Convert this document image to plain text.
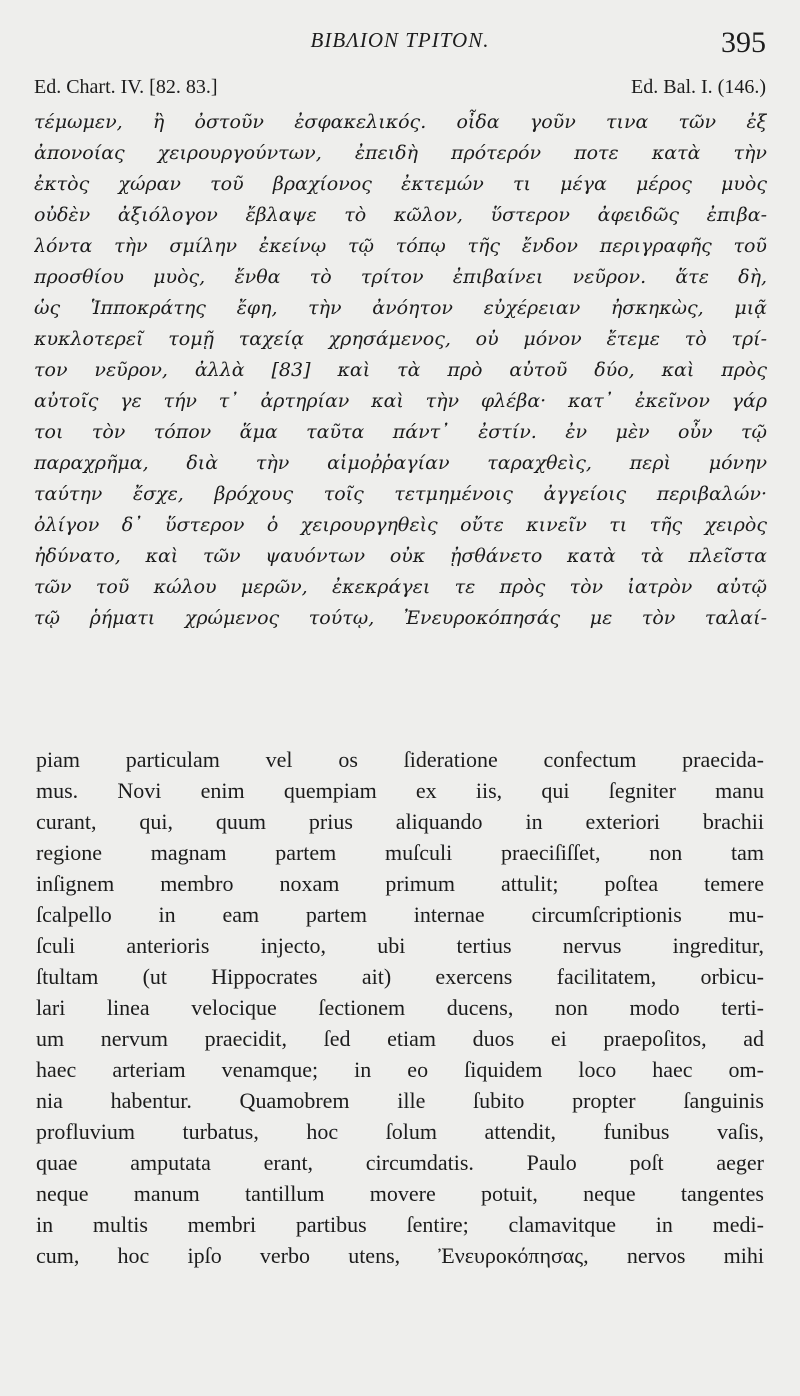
ΒΙΒΛΙΟΝ ΤΡΙΤΟΝ.	395
Ed. Chart. IV. [82. 83.]	Ed. Bal. I. (146.)
τέμωμεν, ἢ ὀστοῦν ἐσφακελικός. οἶδα γοῦν τινα τῶν ἐξ
ἀπονοίας χειρουργούντων, ἐπειδὴ πρότερόν ποτε κατὰ τὴν
ἐκτὸς χώραν τοῦ βραχίονος ἐκτεμών τι μέγα μέρος μυὸς
οὐδὲν ἀξιόλογον ἔβλαψε τὸ κῶλον, ὕστερον ἀφειδῶς ἐπιβα-
λόντα τὴν σμίλην ἐκείνῳ τῷ τόπῳ τῆς ἔνδον περιγραφῆς τοῦ
προσθίου μυὸς, ἔνθα τὸ τρίτον ἐπιβαίνει νεῦρον. ἅτε δὴ,
ὡς Ἱπποκράτης ἔφη, τὴν ἀνόητον εὐχέρειαν ἠσκηκὼς, μιᾷ
κυκλοτερεῖ τομῇ ταχείᾳ χρησάμενος, οὐ μόνον ἔτεμε τὸ τρί-
τον νεῦρον, ἀλλὰ [83] καὶ τὰ πρὸ αὐτοῦ δύο, καὶ πρὸς
αὐτοῖς γε τήν τ᾽ ἀρτηρίαν καὶ τὴν φλέβα· κατ᾽ ἐκεῖνον γάρ
τοι τὸν τόπον ἅμα ταῦτα πάντ᾽ ἐστίν. ἐν μὲν οὖν τῷ
παραχρῆμα, διὰ τὴν αἱμοῤῥαγίαν ταραχθεὶς, περὶ μόνην
ταύτην ἔσχε, βρόχους τοῖς τετμημένοις ἀγγείοις περιβαλών·
ὀλίγον δ᾽ ὕστερον ὁ χειρουργηθεὶς οὔτε κινεῖν τι τῆς χειρὸς
ἠδύνατο, καὶ τῶν ψαυόντων οὐκ ᾐσθάνετο κατὰ τὰ πλεῖστα
τῶν τοῦ κώλου μερῶν, ἐκεκράγει τε πρὸς τὸν ἰατρὸν αὐτῷ
τῷ ῥήματι χρώμενος τούτῳ, Ἐνευροκόπησάς με τὸν ταλαί-
piam particulam vel os ſideratione confectum praecida-
mus. Novi enim quempiam ex iis, qui ſegniter manu
curant, qui, quum prius aliquando in exteriori brachii
regione magnam partem muſculi praeciſiſſet, non tam
inſignem membro noxam primum attulit; poſtea temere
ſcalpello in eam partem internae circumſcriptionis mu-
ſculi anterioris injecto, ubi tertius nervus ingreditur,
ſtultam (ut Hippocrates ait) exercens facilitatem, orbicu-
lari linea velocique ſectionem ducens, non modo terti-
um nervum praecidit, ſed etiam duos ei praepoſitos, ad
haec arteriam venamque; in eo ſiquidem loco haec om-
nia habentur. Quamobrem ille ſubito propter ſanguinis
profluvium turbatus, hoc ſolum attendit, funibus vaſis,
quae amputata erant, circumdatis. Paulo poſt aeger
neque manum tantillum movere potuit, neque tangentes
in multis membri partibus ſentire; clamavitque in medi-
cum, hoc ipſo verbo utens, Ἐνευροκόπησας, nervos mihi
